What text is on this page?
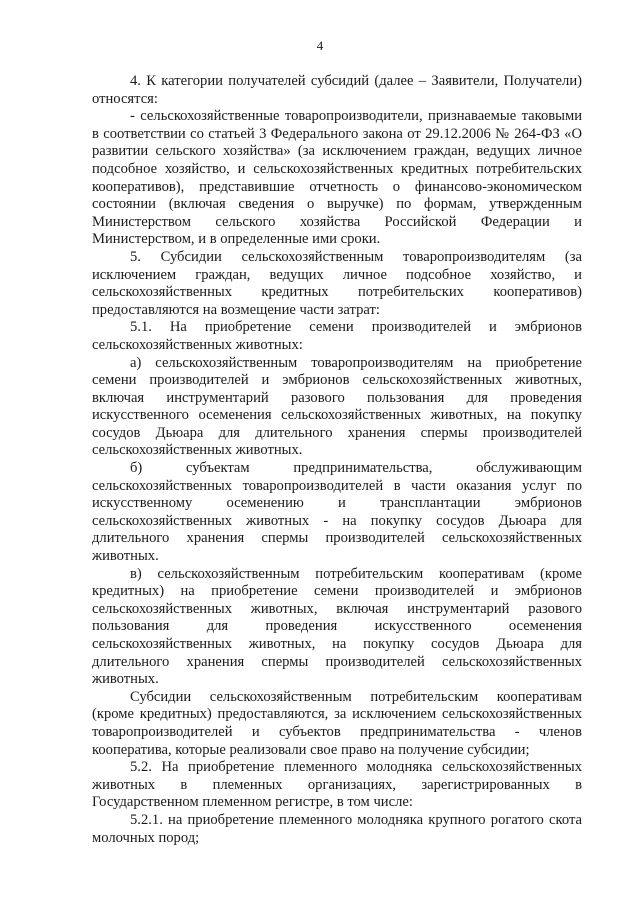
4

4. К категории получателей субсидий (далее – Заявители, Получатели) относятся:

- сельскохозяйственные товаропроизводители, признаваемые таковыми в соответствии со статьей 3 Федерального закона от 29.12.2006 № 264-ФЗ «О развитии сельского хозяйства» (за исключением граждан, ведущих личное подсобное хозяйство, и сельскохозяйственных кредитных потребительских кооперативов), представившие отчетность о финансово-экономическом состоянии (включая сведения о выручке) по формам, утвержденным Министерством сельского хозяйства Российской Федерации и Министерством, и в определенные ими сроки.

5. Субсидии сельскохозяйственным товаропроизводителям (за исключением граждан, ведущих личное подсобное хозяйство, и сельскохозяйственных кредитных потребительских кооперативов) предоставляются на возмещение части затрат:

5.1. На приобретение семени производителей и эмбрионов сельскохозяйственных животных:

а) сельскохозяйственным товаропроизводителям на приобретение семени производителей и эмбрионов сельскохозяйственных животных, включая инструментарий разового пользования для проведения искусственного осеменения сельскохозяйственных животных, на покупку сосудов Дьюара для длительного хранения спермы производителей сельскохозяйственных животных.

б) субъектам предпринимательства, обслуживающим сельскохозяйственных товаропроизводителей в части оказания услуг по искусственному осеменению и трансплантации эмбрионов сельскохозяйственных животных - на покупку сосудов Дьюара для длительного хранения спермы производителей сельскохозяйственных животных.

в) сельскохозяйственным потребительским кооперативам (кроме кредитных) на приобретение семени производителей и эмбрионов сельскохозяйственных животных, включая инструментарий разового пользования для проведения искусственного осеменения сельскохозяйственных животных, на покупку сосудов Дьюара для длительного хранения спермы производителей сельскохозяйственных животных.

Субсидии сельскохозяйственным потребительским кооперативам (кроме кредитных) предоставляются, за исключением сельскохозяйственных товаропроизводителей и субъектов предпринимательства - членов кооператива, которые реализовали свое право на получение субсидии;

5.2. На приобретение племенного молодняка сельскохозяйственных животных в племенных организациях, зарегистрированных в Государственном племенном регистре, в том числе:

5.2.1. на приобретение племенного молодняка крупного рогатого скота молочных пород;
